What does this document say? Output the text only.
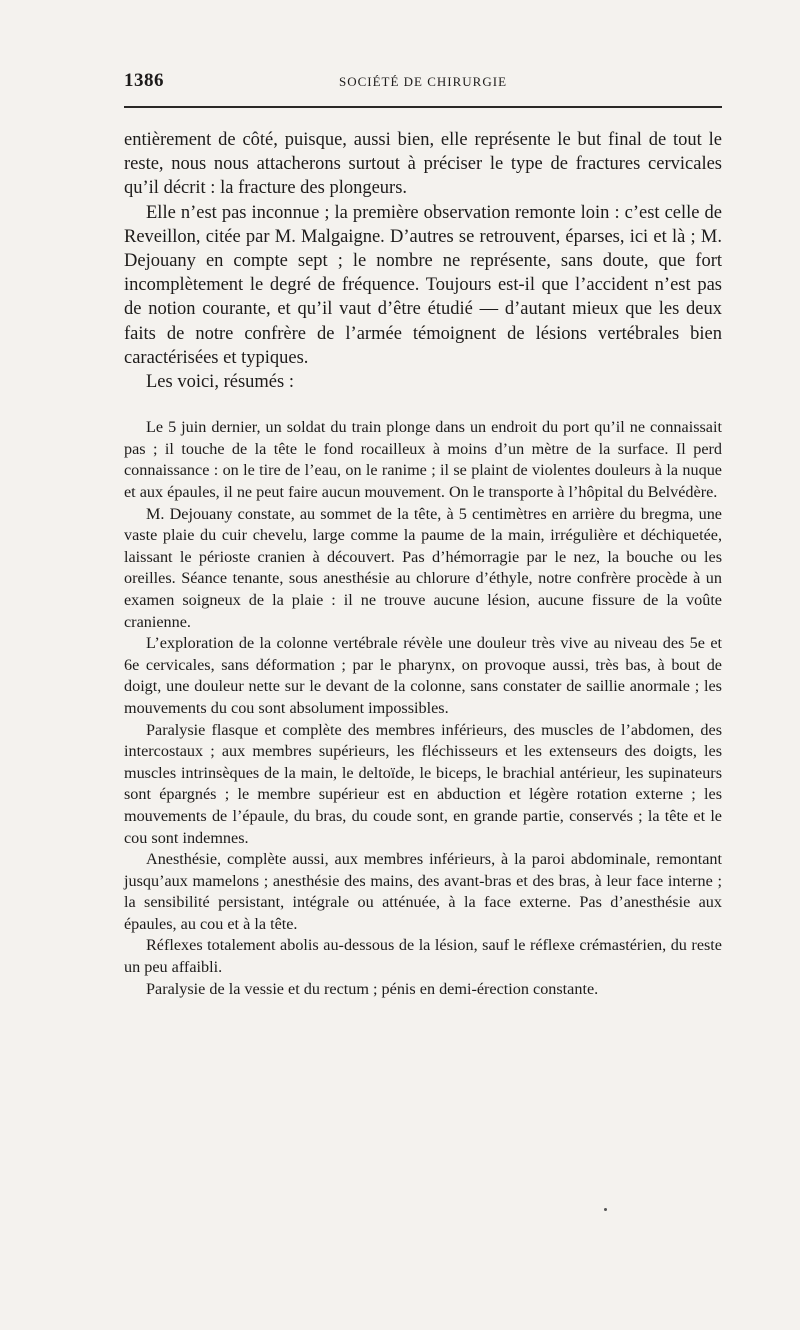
1386	SOCIÉTÉ DE CHIRURGIE

entièrement de côté, puisque, aussi bien, elle représente le but final de tout le reste, nous nous attacherons surtout à préciser le type de fractures cervicales qu’il décrit : la fracture des plongeurs.

Elle n’est pas inconnue ; la première observation remonte loin : c’est celle de Reveillon, citée par M. Malgaigne. D’autres se retrouvent, éparses, ici et là ; M. Dejouany en compte sept ; le nombre ne représente, sans doute, que fort incomplètement le degré de fréquence. Toujours est-il que l’accident n’est pas de notion courante, et qu’il vaut d’être étudié — d’autant mieux que les deux faits de notre confrère de l’armée témoignent de lésions vertébrales bien caractérisées et typiques.

Les voici, résumés :

Le 5 juin dernier, un soldat du train plonge dans un endroit du port qu’il ne connaissait pas ; il touche de la tête le fond rocailleux à moins d’un mètre de la surface. Il perd connaissance : on le tire de l’eau, on le ranime ; il se plaint de violentes douleurs à la nuque et aux épaules, il ne peut faire aucun mouvement. On le transporte à l’hôpital du Belvédère.

M. Dejouany constate, au sommet de la tête, à 5 centimètres en arrière du bregma, une vaste plaie du cuir chevelu, large comme la paume de la main, irrégulière et déchiquetée, laissant le périoste cranien à découvert. Pas d’hémorragie par le nez, la bouche ou les oreilles. Séance tenante, sous anesthésie au chlorure d’éthyle, notre confrère procède à un examen soigneux de la plaie : il ne trouve aucune lésion, aucune fissure de la voûte cranienne.

L’exploration de la colonne vertébrale révèle une douleur très vive au niveau des 5e et 6e cervicales, sans déformation ; par le pharynx, on provoque aussi, très bas, à bout de doigt, une douleur nette sur le devant de la colonne, sans constater de saillie anormale ; les mouvements du cou sont absolument impossibles.

Paralysie flasque et complète des membres inférieurs, des muscles de l’abdomen, des intercostaux ; aux membres supérieurs, les fléchisseurs et les extenseurs des doigts, les muscles intrinsèques de la main, le deltoïde, le biceps, le brachial antérieur, les supinateurs sont épargnés ; le membre supérieur est en abduction et légère rotation externe ; les mouvements de l’épaule, du bras, du coude sont, en grande partie, conservés ; la tête et le cou sont indemnes.

Anesthésie, complète aussi, aux membres inférieurs, à la paroi abdominale, remontant jusqu’aux mamelons ; anesthésie des mains, des avant-bras et des bras, à leur face interne ; la sensibilité persistant, intégrale ou atténuée, à la face externe. Pas d’anesthésie aux épaules, au cou et à la tête.

Réflexes totalement abolis au-dessous de la lésion, sauf le réflexe crémastérien, du reste un peu affaibli.

Paralysie de la vessie et du rectum ; pénis en demi-érection constante.
